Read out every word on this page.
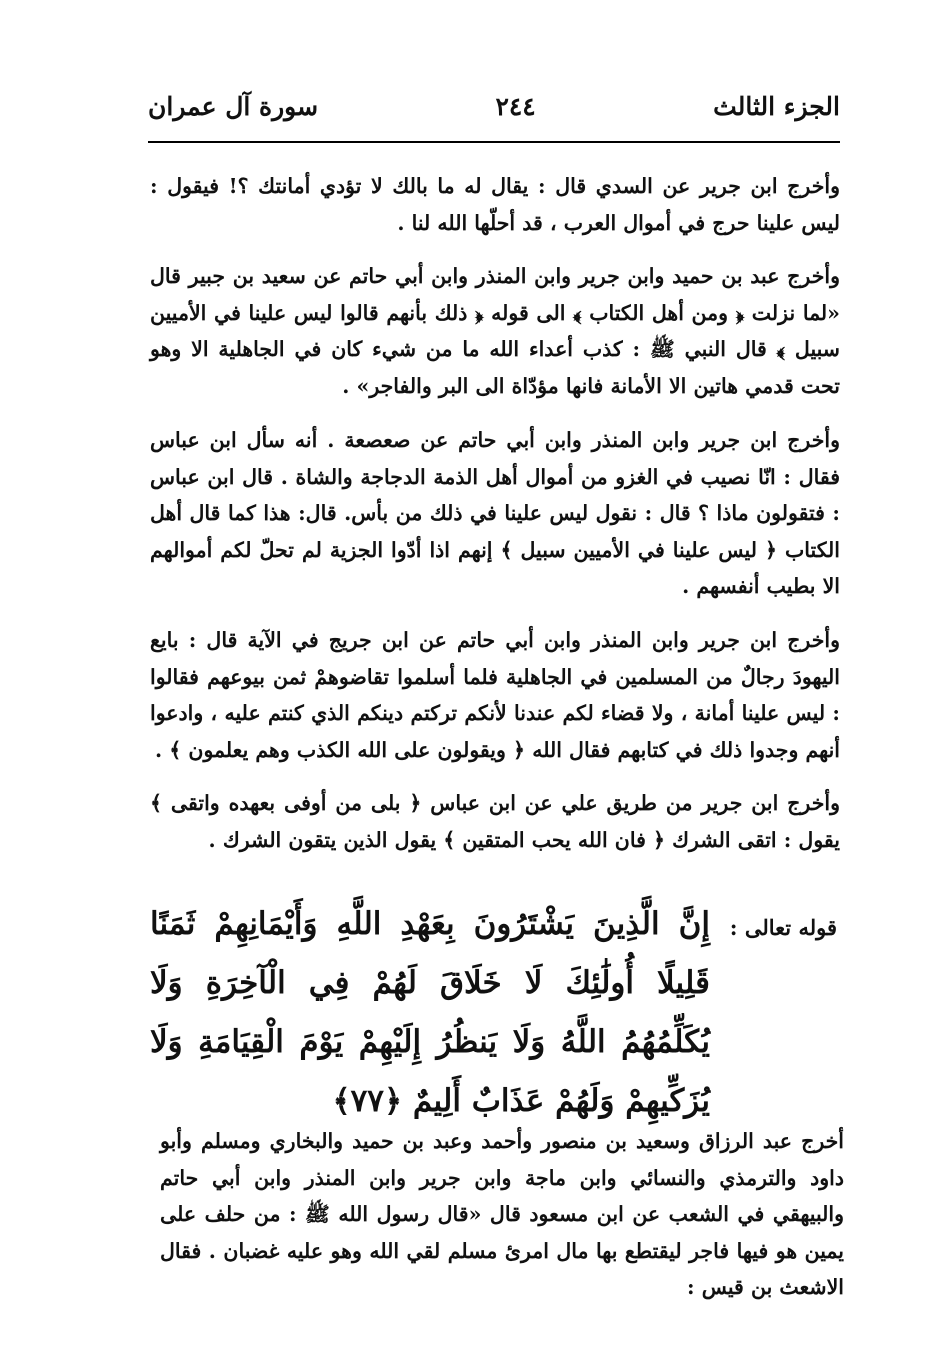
الجزء الثالث
٢٤٤
سورة آل عمران
وأخرج ابن جرير عن السدي قال : يقال له ما بالك لا تؤدي أمانتك ؟! فيقول : ليس علينا حرج في أموال العرب ، قد أحلّها الله لنا .
وأخرج عبد بن حميد وابن جرير وابن المنذر وابن أبي حاتم عن سعيد بن جبير قال «لما نزلت ﴿ ومن أهل الكتاب ﴾ الى قوله ﴿ ذلك بأنهم قالوا ليس علينا في الأميين سبيل ﴾ قال النبي ﷺ : كذب أعداء الله ما من شيء كان في الجاهلية الا وهو تحت قدمي هاتين الا الأمانة فانها مؤدّاة الى البر والفاجر» .
وأخرج ابن جرير وابن المنذر وابن أبي حاتم عن صعصعة . أنه سأل ابن عباس فقال : انّا نصيب في الغزو من أموال أهل الذمة الدجاجة والشاة . قال ابن عباس : فتقولون ماذا ؟ قال : نقول ليس علينا في ذلك من بأس. قال: هذا كما قال أهل الكتاب ﴿ ليس علينا في الأميين سبيل ﴾ إنهم اذا أدّوا الجزية لم تحلّ لكم أموالهم الا بطيب أنفسهم .
وأخرج ابن جرير وابن المنذر وابن أبي حاتم عن ابن جريج في الآية قال : بايع اليهودَ رجالٌ من المسلمين في الجاهلية فلما أسلموا تقاضوهمْ ثمن بيوعهم فقالوا : ليس علينا أمانة ، ولا قضاء لكم عندنا لأنكم تركتم دينكم الذي كنتم عليه ، وادعوا أنهم وجدوا ذلك في كتابهم فقال الله ﴿ ويقولون على الله الكذب وهم يعلمون ﴾ .
وأخرج ابن جرير من طريق علي عن ابن عباس ﴿ بلى من أوفى بعهده واتقى ﴾ يقول : اتقى الشرك ﴿ فان الله يحب المتقين ﴾ يقول الذين يتقون الشرك .
قوله تعالى :
إِنَّ الَّذِينَ يَشْتَرُونَ بِعَهْدِ اللَّهِ وَأَيْمَانِهِمْ ثَمَنًا قَلِيلًا أُولَٰئِكَ لَا خَلَاقَ لَهُمْ فِي الْآخِرَةِ وَلَا يُكَلِّمُهُمُ اللَّهُ وَلَا يَنظُرُ إِلَيْهِمْ يَوْمَ الْقِيَامَةِ وَلَا يُزَكِّيهِمْ وَلَهُمْ عَذَابٌ أَلِيمٌ ﴿٧٧﴾
أخرج عبد الرزاق وسعيد بن منصور وأحمد وعبد بن حميد والبخاري ومسلم وأبو داود والترمذي والنسائي وابن ماجة وابن جرير وابن المنذر وابن أبي حاتم والبيهقي في الشعب عن ابن مسعود قال «قال رسول الله ﷺ : من حلف على يمين هو فيها فاجر ليقتطع بها مال امرئ مسلم لقي الله وهو عليه غضبان . فقال الاشعث بن قيس :
